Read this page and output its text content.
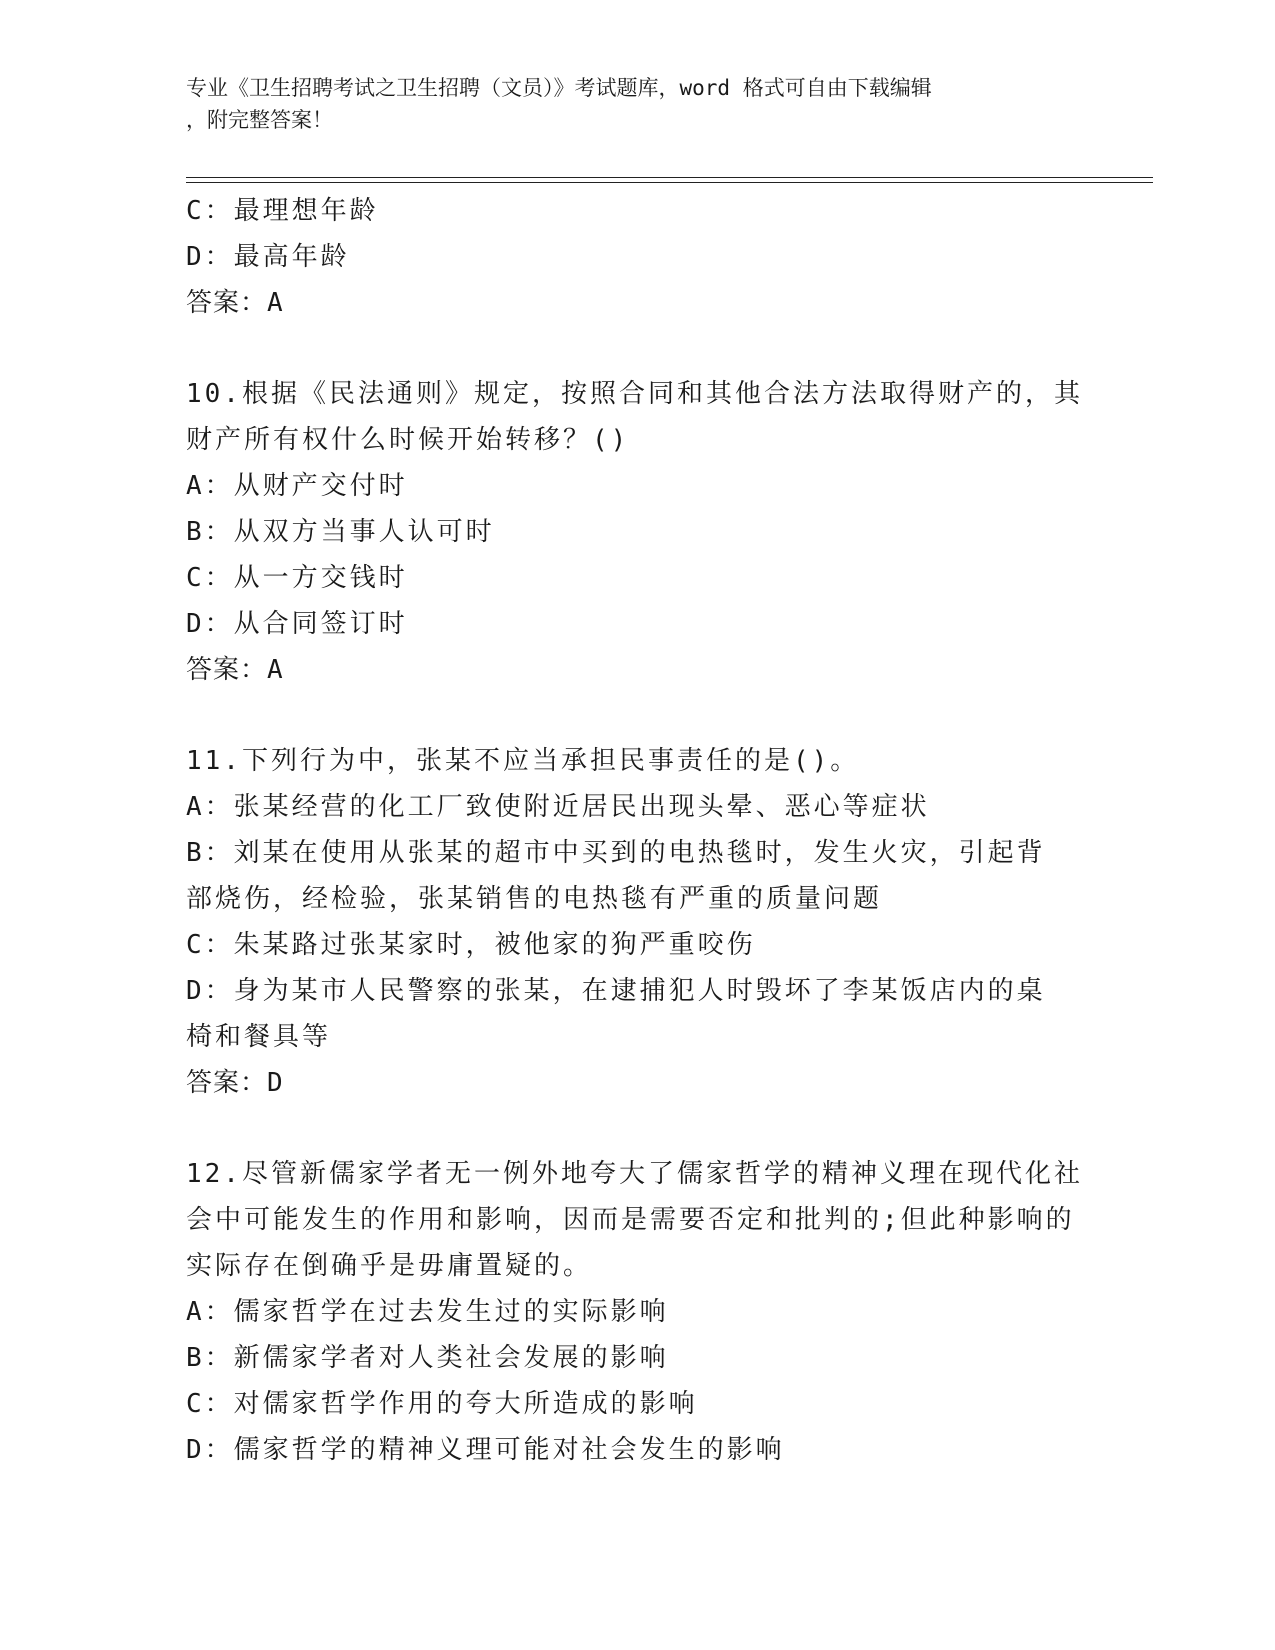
专业《卫生招聘考试之卫生招聘（文员）》考试题库，word 格式可自由下载编辑
，附完整答案！
C：最理想年龄
D：最高年龄
答案：A
10.根据《民法通则》规定，按照合同和其他合法方法取得财产的，其
财产所有权什么时候开始转移？()
A：从财产交付时
B：从双方当事人认可时
C：从一方交钱时
D：从合同签订时
答案：A
11.下列行为中，张某不应当承担民事责任的是()。
A：张某经营的化工厂致使附近居民出现头晕、恶心等症状
B：刘某在使用从张某的超市中买到的电热毯时，发生火灾，引起背部烧伤，经检验，张某销售的电热毯有严重的质量问题
C：朱某路过张某家时，被他家的狗严重咬伤
D：身为某市人民警察的张某，在逮捕犯人时毁坏了李某饭店内的桌椅和餐具等
答案：D
12.尽管新儒家学者无一例外地夸大了儒家哲学的精神义理在现代化社
会中可能发生的作用和影响，因而是需要否定和批判的;但此种影响的
实际存在倒确乎是毋庸置疑的。
A：儒家哲学在过去发生过的实际影响
B：新儒家学者对人类社会发展的影响
C：对儒家哲学作用的夸大所造成的影响
D：儒家哲学的精神义理可能对社会发生的影响
